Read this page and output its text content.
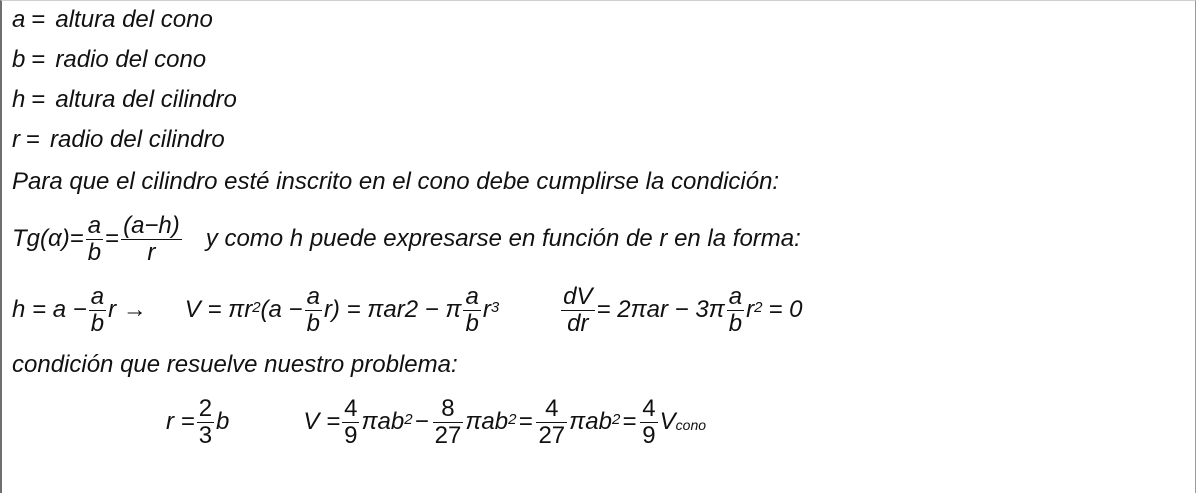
a = altura del cono
b = radio del cono
h = altura del cilindro
r = radio del cilindro
Para que el cilindro esté inscrito en el cono debe cumplirse la condición:
Tg( α )= $\frac{a}{b} = \frac{(a-h)}{r}$ y como h puede expresarse en función de r en la forma:
$h = a - \frac{a}{b}$ $r \to V = \pi r^2$ $(a - \frac{a}{b} r) = \pi ar2 - \pi \frac{a}{b} r^3$	$\frac{dV}{dr} = 2\pi ar - 3\pi \frac{a}{b} r^2 = 0$
condición que resuelve nuestro problema:
$r = \frac{2}{3}$ b	$V = \frac{4}{9} \pi ab^2 - \frac{8}{27} \pi ab^2 = \frac{4}{27} \pi ab^2 = \frac{4}{9} V_{cono}$
